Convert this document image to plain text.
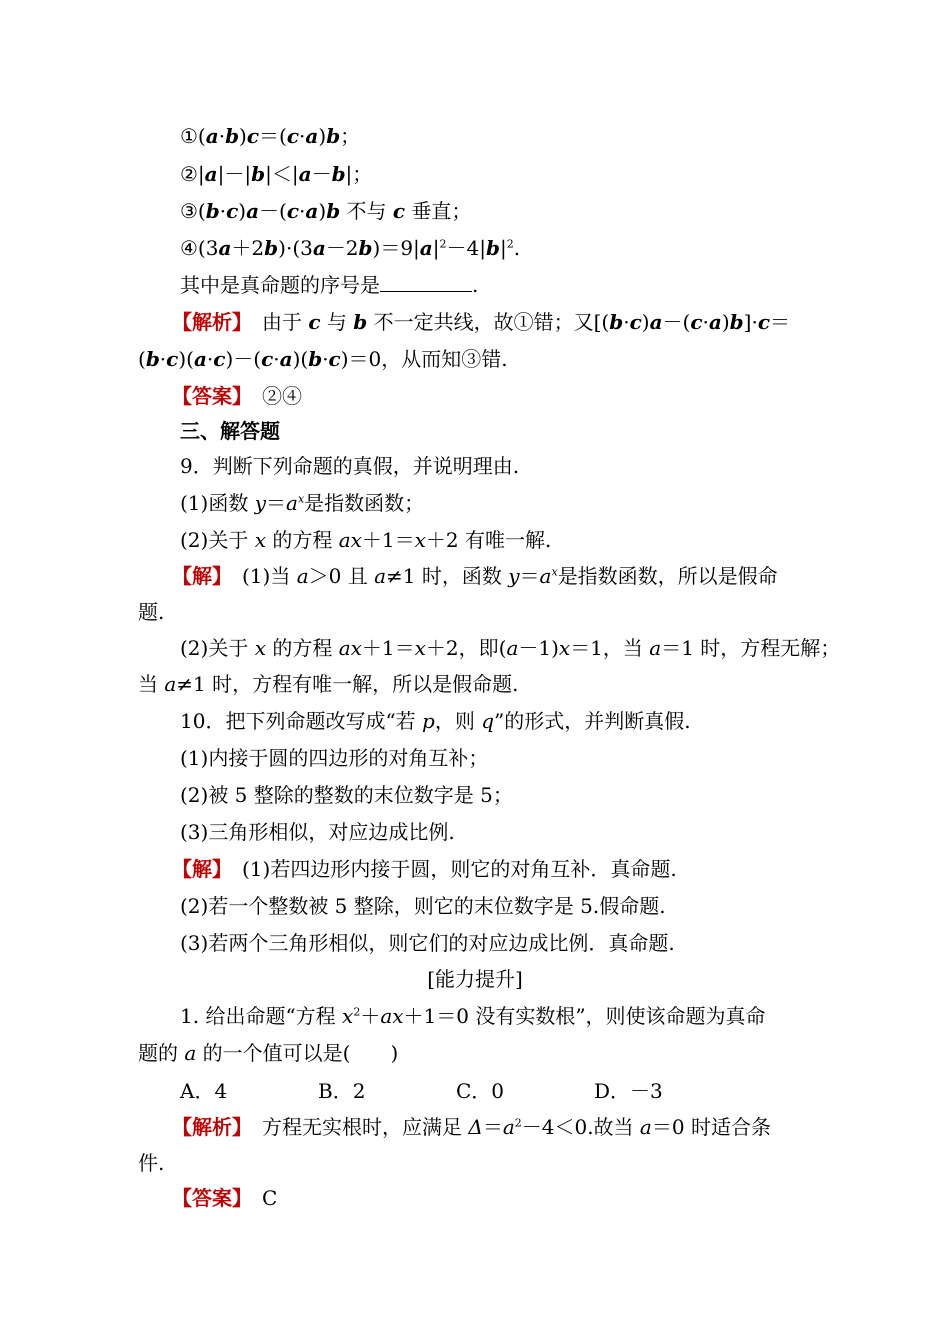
①(a·b)c＝(c·a)b；
②|a|－|b|＜|a－b|；
③(b·c)a－(c·a)b 不与 c 垂直；
$④(3a+2b)\cdot(3a-2b)=9|a|^2-4|b|^2$.
其中是真命题的序号是	.
【解析】　由于 c 与 b 不一定共线，故①错；又[(b·c)a－(c·a)b]·c＝
(b·c)(a·c)－(c·a)(b·c)＝0，从而知③错.
【答案】　 ②④
三、解答题
9．判断下列命题的真假，并说明理由.
(1)函数 $y=a^x$是指数函数；
(2)关于 x 的方程 ax＋1＝x＋2 有唯一解.
【解】　(1)当 a＞0 且 a≠1 时，函数 $y=a^x$是指数函数，所以是假命
题.
(2)关于 x 的方程 ax＋1＝x＋2，即(a－1)x＝1，当 a＝1 时，方程无解；
当 a≠1 时，方程有唯一解，所以是假命题.
10．把下列命题改写成“若 p，则 q”的形式，并判断真假.
(1)内接于圆的四边形的对角互补；
(2)被 5 整除的整数的末位数字是 5；
(3)三角形相似，对应边成比例.
【解】　 (1)若四边形内接于圆，则它的对角互补．真命题.
(2)若一个整数被 5 整除，则它的末位数字是 5.假命题.
(3)若两个三角形相似，则它们的对应边成比例．真命题.
[能力提升]
1. 给出命题“方程 $x^2+ax+1=0$ 没有实数根”，则使该命题为真命
题的 a 的一个值可以是(　　)
A．4	B．2	C．0	D．－3
【解析】　方程无实根时，应满足 $\Delta=a^2-4<0$.故当 a＝0 时适合条
件.
【答案】　 C
